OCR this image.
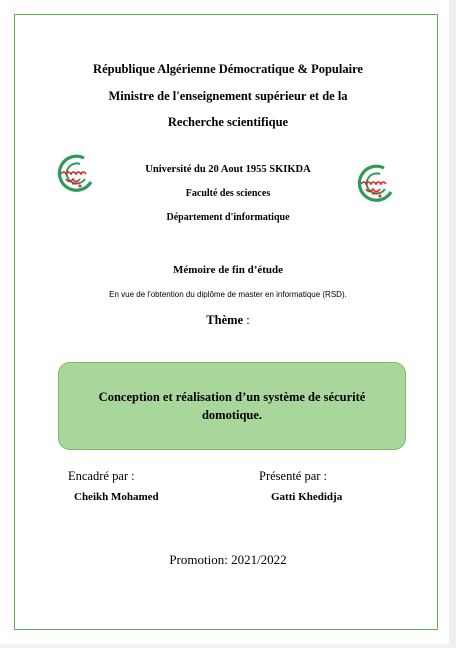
République Algérienne Démocratique & Populaire
Ministre de l'enseignement supérieur et de la
Recherche scientifique
Université du 20 Aout 1955 SKIKDA
Faculté des sciences
Département d'informatique
Mémoire de fin d’étude
En vue de l'obtention du diplôme de master en informatique (RSD).
Thème :
Conception et réalisation d’un système de sécurité domotique.
Encadré par :
Cheikh Mohamed
Présenté par :
Gatti Khedidja
Promotion: 2021/2022
